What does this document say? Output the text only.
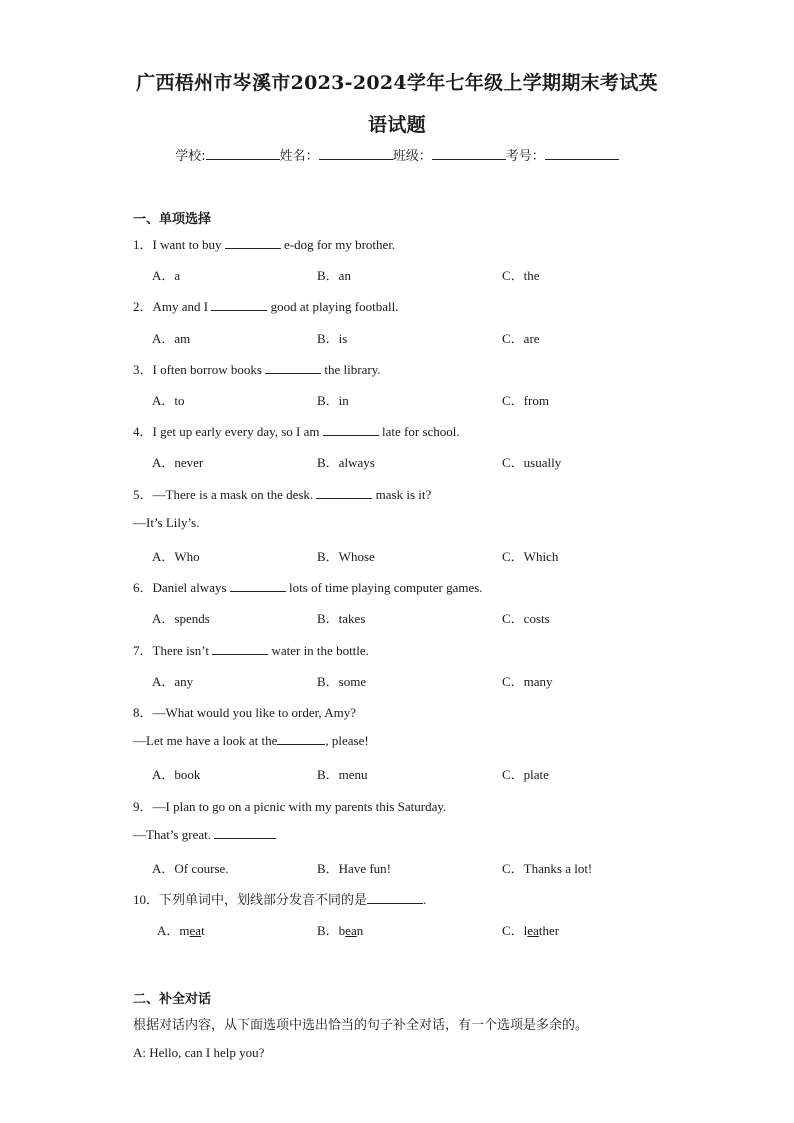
广西梧州市岑溪市2023-2024学年七年级上学期期末考试英
语试题
学校:	姓名：	班级：	考号：
一、单项选择
1．I want to buy	e-dog for my brother.
A．a	B．an	C．the
2．Amy and I	good at playing football.
A．am	B．is	C．are
3．I often borrow books	the library.
A．to	B．in	C．from
4．I get up early every day, so I am	late for school.
A．never	B．always	C．usually
5．—There is a mask on the desk.	mask is it?
—It’s Lily’s.
A．Who	B．Whose	C．Which
6．Daniel always	lots of time playing computer games.
A．spends	B．takes	C．costs
7．There isn’t	water in the bottle.
A．any	B．some	C．many
8．—What would you like to order, Amy?
—Let me have a look at the	, please!
A．book	B．menu	C．plate
9．—I plan to go on a picnic with my parents this Saturday.
—That’s great.
A．Of course.	B．Have fun!	C．Thanks a lot!
10．下列单词中，划线部分发音不同的是	.
A．meat	B．bean	C．leather
二、补全对话
根据对话内容，从下面选项中选出恰当的句子补全对话，有一个选项是多余的。
A: Hello, can I help you?
